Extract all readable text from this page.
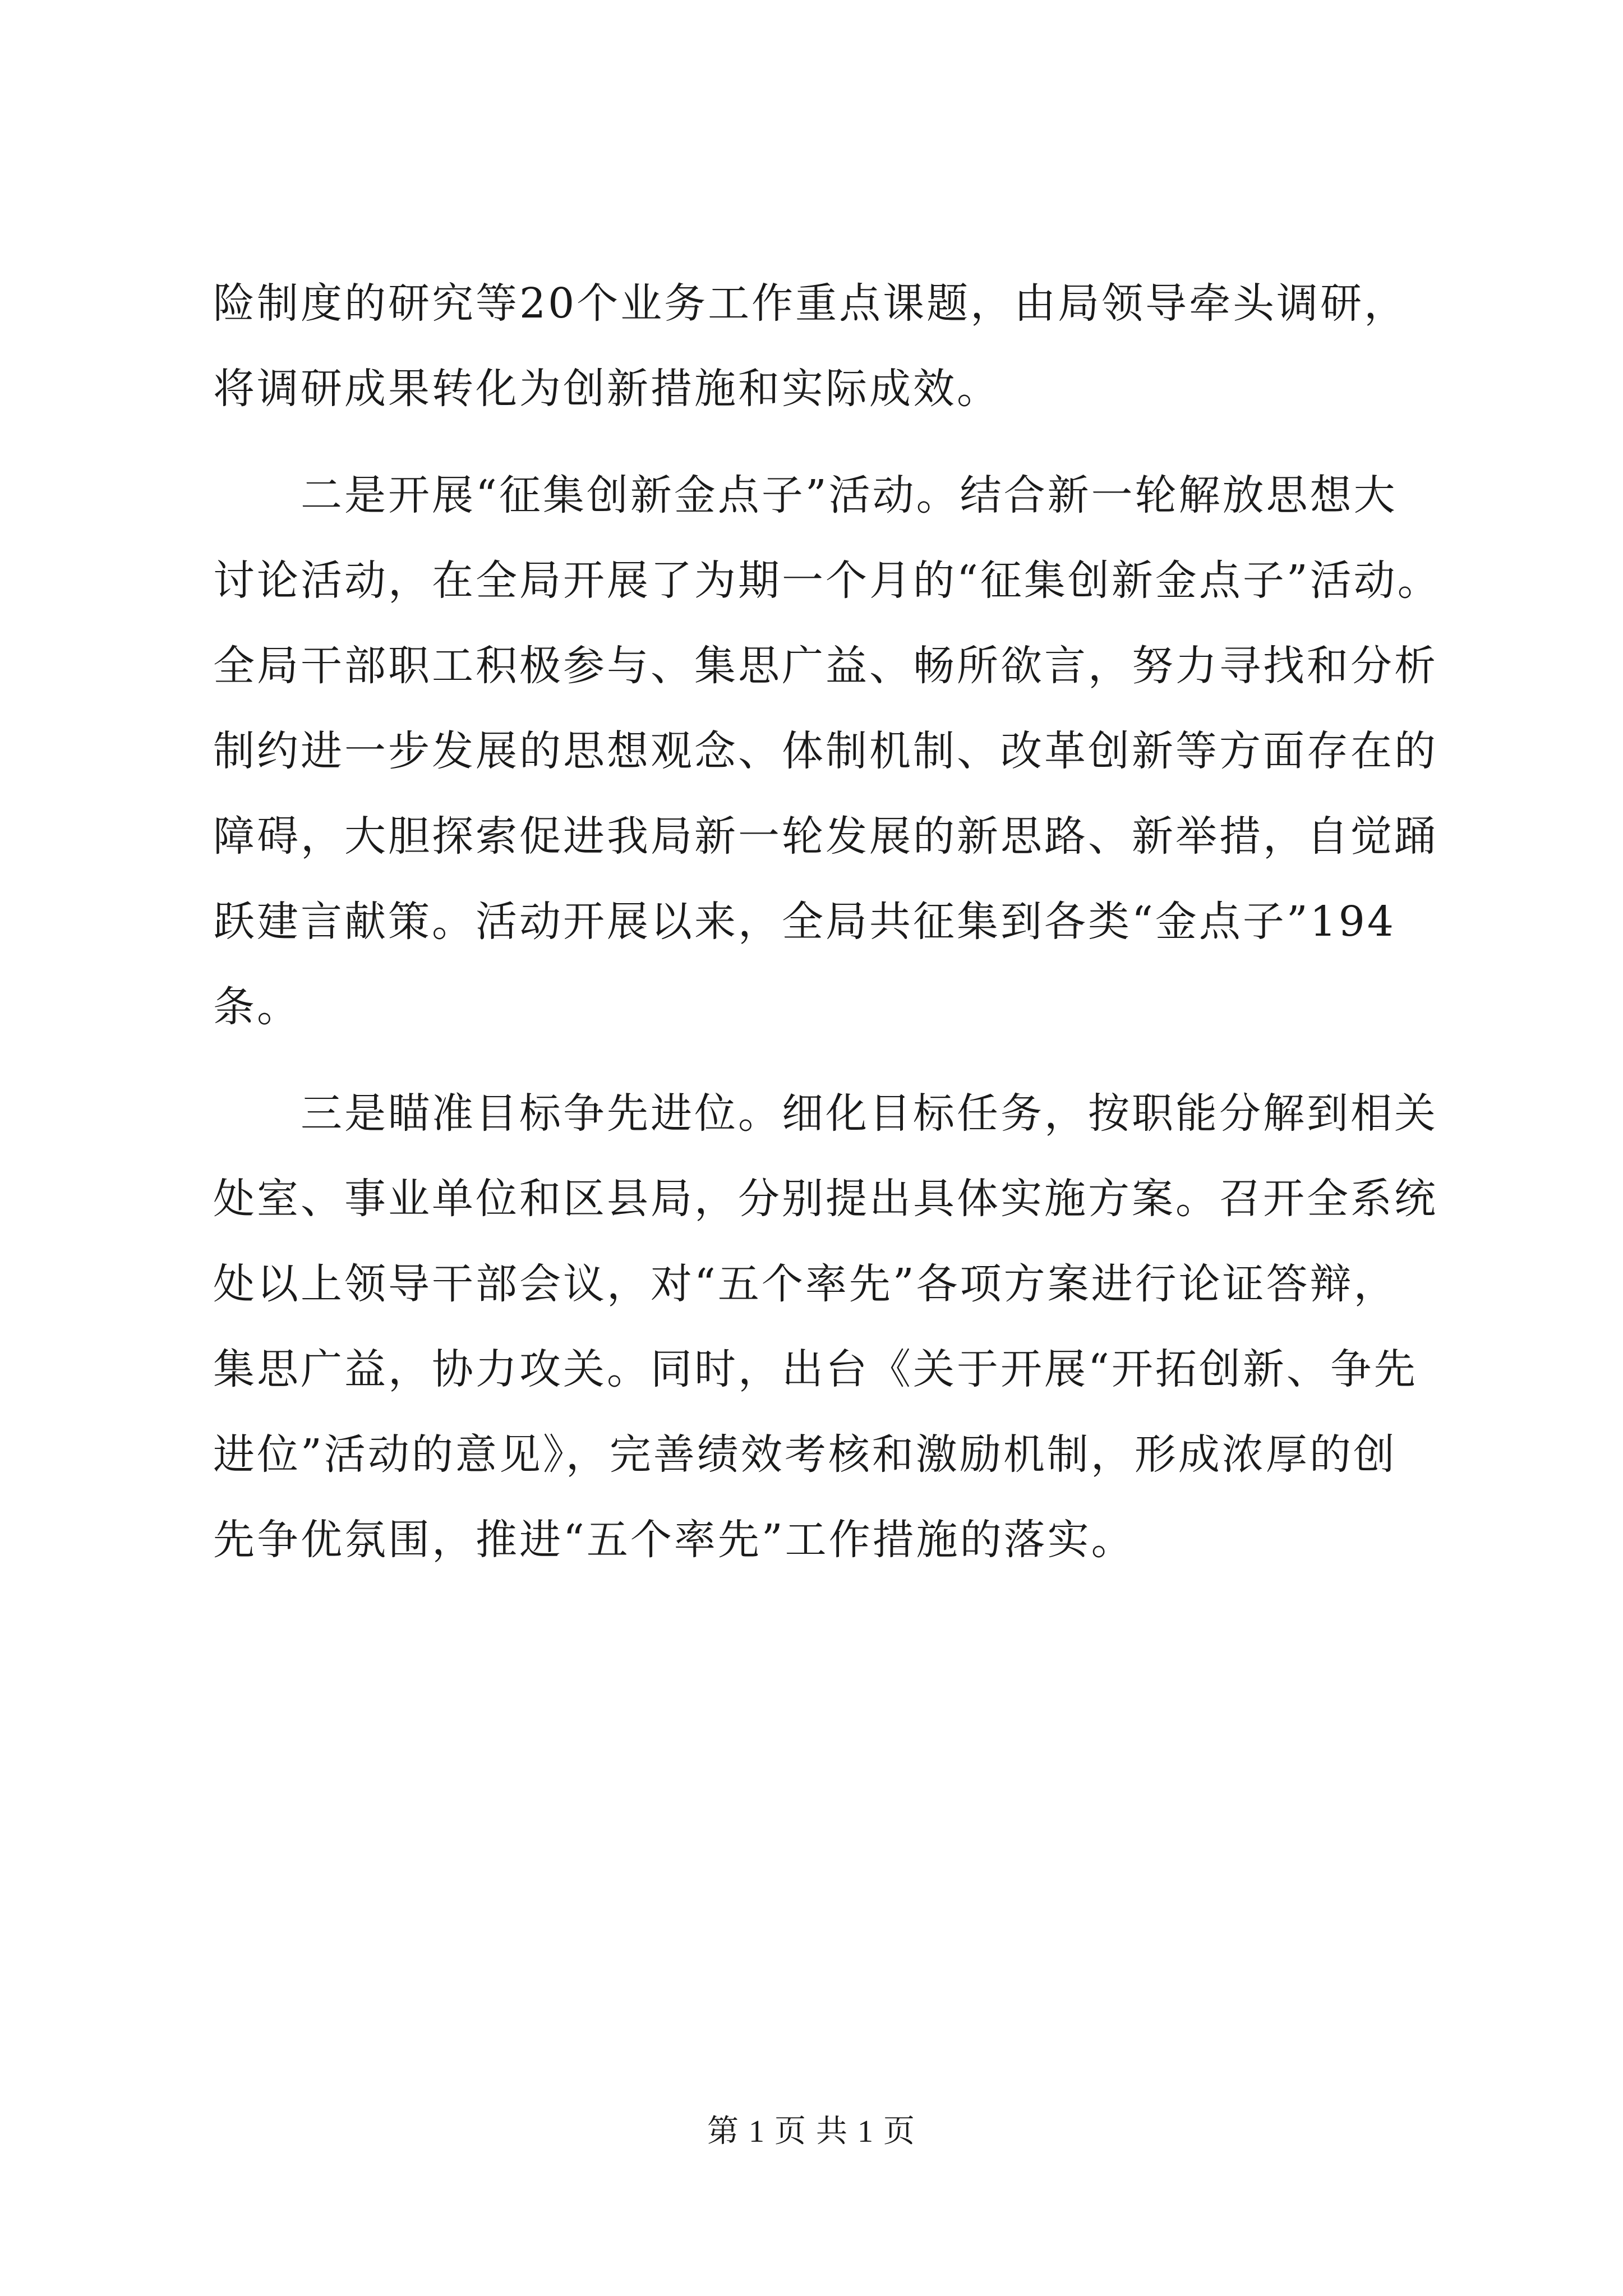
险制度的研究等20个业务工作重点课题，由局领导牵头调研，
将调研成果转化为创新措施和实际成效。
二是开展“征集创新金点子”活动。结合新一轮解放思想大
讨论活动，在全局开展了为期一个月的“征集创新金点子”活动。
全局干部职工积极参与、集思广益、畅所欲言，努力寻找和分析
制约进一步发展的思想观念、体制机制、改革创新等方面存在的
障碍，大胆探索促进我局新一轮发展的新思路、新举措，自觉踊
跃建言献策。活动开展以来，全局共征集到各类“金点子”194
条。
三是瞄准目标争先进位。细化目标任务，按职能分解到相关
处室、事业单位和区县局，分别提出具体实施方案。召开全系统
处以上领导干部会议，对“五个率先”各项方案进行论证答辩，
集思广益，协力攻关。同时，出台《关于开展“开拓创新、争先
进位”活动的意见》，完善绩效考核和激励机制，形成浓厚的创
先争优氛围，推进“五个率先”工作措施的落实。
第 1 页 共 1 页
